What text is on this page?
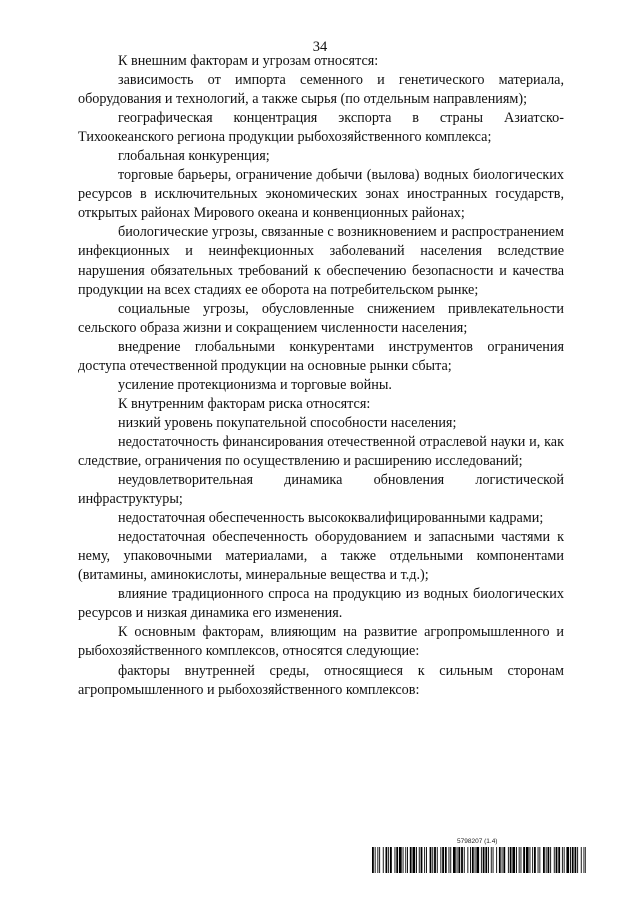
34

К внешним факторам и угрозам относятся:

зависимость от импорта семенного и генетического материала, оборудования и технологий, а также сырья (по отдельным направлениям);

географическая концентрация экспорта в страны Азиатско-Тихоокеанского региона продукции рыбохозяйственного комплекса;

глобальная конкуренция;

торговые барьеры, ограничение добычи (вылова) водных биологических ресурсов в исключительных экономических зонах иностранных государств, открытых районах Мирового океана и конвенционных районах;

биологические угрозы, связанные с возникновением и распространением инфекционных и неинфекционных заболеваний населения вследствие нарушения обязательных требований к обеспечению безопасности и качества продукции на всех стадиях ее оборота на потребительском рынке;

социальные угрозы, обусловленные снижением привлекательности сельского образа жизни и сокращением численности населения;

внедрение глобальными конкурентами инструментов ограничения доступа отечественной продукции на основные рынки сбыта;

усиление протекционизма и торговые войны.

К внутренним факторам риска относятся:

низкий уровень покупательной способности населения;

недостаточность финансирования отечественной отраслевой науки и, как следствие, ограничения по осуществлению и расширению исследований;

неудовлетворительная динамика обновления логистической инфраструктуры;

недостаточная обеспеченность высококвалифицированными кадрами;

недостаточная обеспеченность оборудованием и запасными частями к нему, упаковочными материалами, а также отдельными компонентами (витамины, аминокислоты, минеральные вещества и т.д.);

влияние традиционного спроса на продукцию из водных биологических ресурсов и низкая динамика его изменения.

К основным факторам, влияющим на развитие агропромышленного и рыбохозяйственного комплексов, относятся следующие:

факторы внутренней среды, относящиеся к сильным сторонам агропромышленного и рыбохозяйственного комплексов:

5798207 (1.4)
